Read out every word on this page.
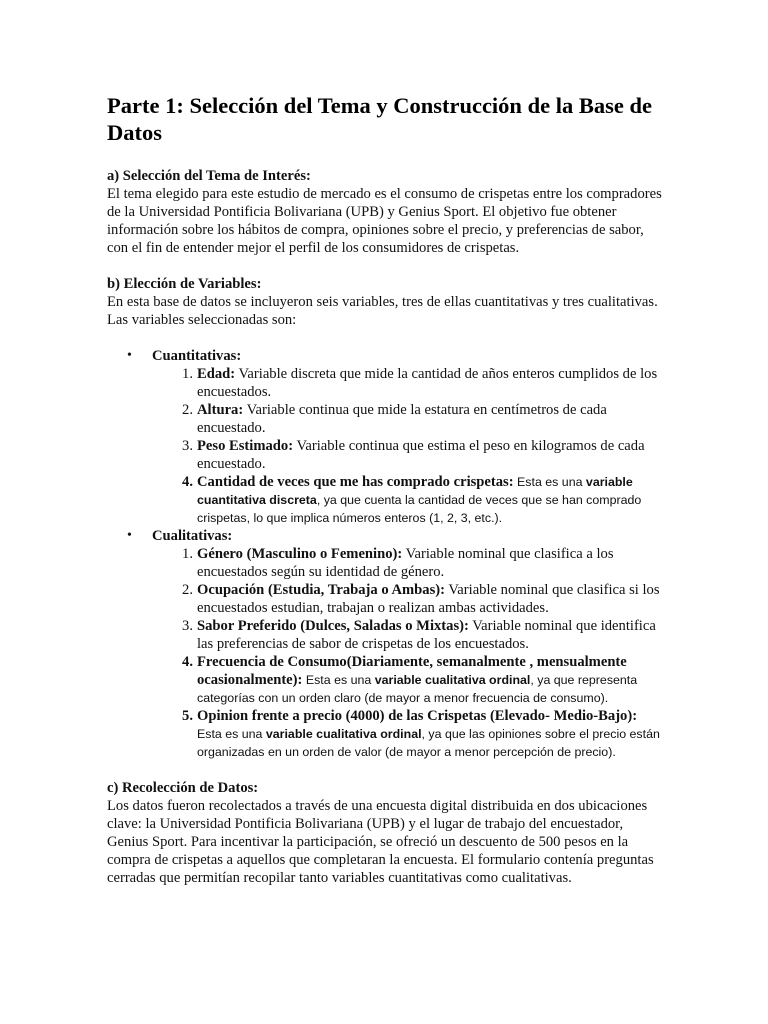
Parte 1: Selección del Tema y Construcción de la Base de Datos

a) Selección del Tema de Interés:

El tema elegido para este estudio de mercado es el consumo de crispetas entre los compradores de la Universidad Pontificia Bolivariana (UPB) y Genius Sport. El objetivo fue obtener información sobre los hábitos de compra, opiniones sobre el precio, y preferencias de sabor, con el fin de entender mejor el perfil de los consumidores de crispetas.

b) Elección de Variables:

En esta base de datos se incluyeron seis variables, tres de ellas cuantitativas y tres cualitativas. Las variables seleccionadas son:

• Cuantitativas:
1. Edad: Variable discreta que mide la cantidad de años enteros cumplidos de los encuestados.
2. Altura: Variable continua que mide la estatura en centímetros de cada encuestado.
3. Peso Estimado: Variable continua que estima el peso en kilogramos de cada encuestado.
4. Cantidad de veces que me has comprado crispetas: Esta es una variable cuantitativa discreta, ya que cuenta la cantidad de veces que se han comprado crispetas, lo que implica números enteros (1, 2, 3, etc.).
• Cualitativas:
1. Género (Masculino o Femenino): Variable nominal que clasifica a los encuestados según su identidad de género.
2. Ocupación (Estudia, Trabaja o Ambas): Variable nominal que clasifica si los encuestados estudian, trabajan o realizan ambas actividades.
3. Sabor Preferido (Dulces, Saladas o Mixtas): Variable nominal que identifica las preferencias de sabor de crispetas de los encuestados.
4. Frecuencia de Consumo(Diariamente, semanalmente , mensualmente ocasionalmente): Esta es una variable cualitativa ordinal, ya que representa categorías con un orden claro (de mayor a menor frecuencia de consumo).
5. Opinion frente a precio (4000) de las Crispetas (Elevado- Medio-Bajo):
Esta es una variable cualitativa ordinal, ya que las opiniones sobre el precio están organizadas en un orden de valor (de mayor a menor percepción de precio).

c) Recolección de Datos:

Los datos fueron recolectados a través de una encuesta digital distribuida en dos ubicaciones clave: la Universidad Pontificia Bolivariana (UPB) y el lugar de trabajo del encuestador, Genius Sport. Para incentivar la participación, se ofreció un descuento de 500 pesos en la compra de crispetas a aquellos que completaran la encuesta. El formulario contenía preguntas cerradas que permitían recopilar tanto variables cuantitativas como cualitativas.
